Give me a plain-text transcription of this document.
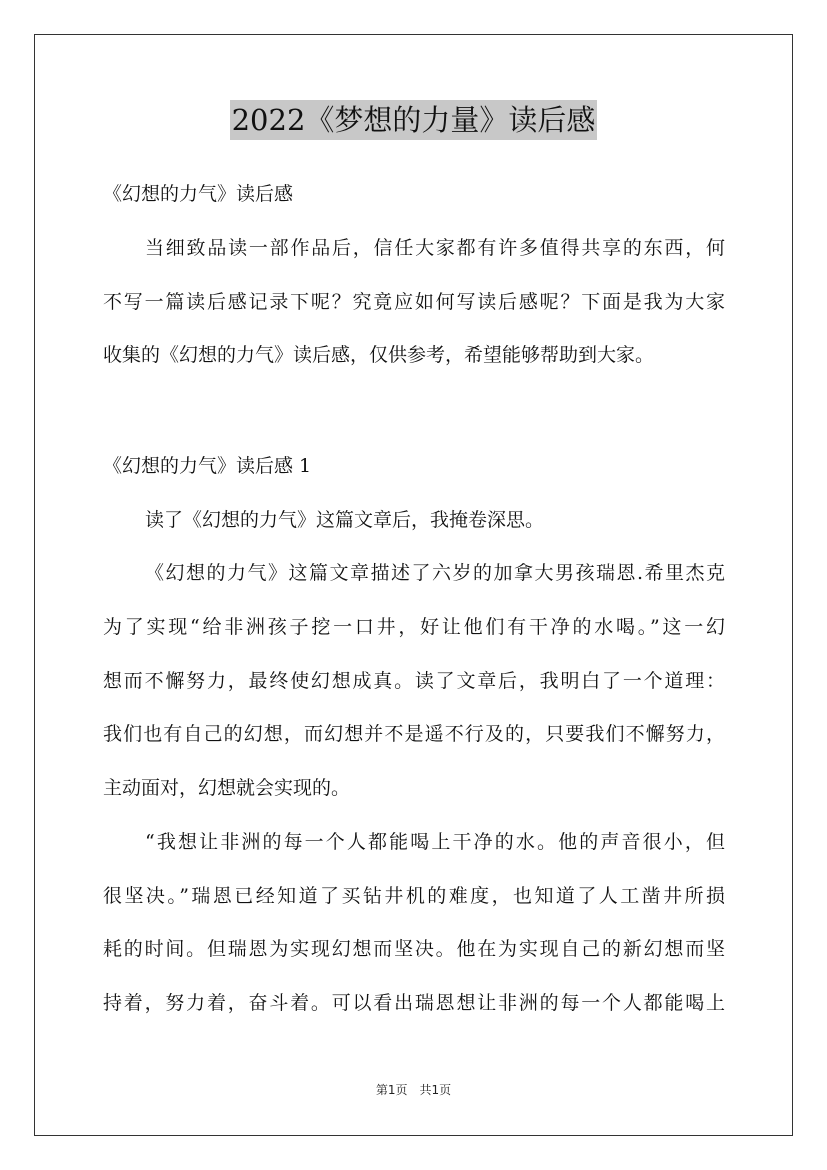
2022《梦想的力量》读后感
《幻想的力气》读后感
当细致品读一部作品后，信任大家都有许多值得共享的东西，何
不写一篇读后感记录下呢？究竟应如何写读后感呢？下面是我为大家
收集的《幻想的力气》读后感，仅供参考，希望能够帮助到大家。
《幻想的力气》读后感 1
读了《幻想的力气》这篇文章后，我掩卷深思。
《幻想的力气》这篇文章描述了六岁的加拿大男孩瑞恩.希里杰克
为了实现“给非洲孩子挖一口井，好让他们有干净的水喝。”这一幻
想而不懈努力，最终使幻想成真。读了文章后，我明白了一个道理：
我们也有自己的幻想，而幻想并不是遥不行及的，只要我们不懈努力，
主动面对，幻想就会实现的。
“我想让非洲的每一个人都能喝上干净的水。他的声音很小，但
很坚决。”瑞恩已经知道了买钻井机的难度，也知道了人工凿井所损
耗的时间。但瑞恩为实现幻想而坚决。他在为实现自己的新幻想而坚
持着，努力着，奋斗着。可以看出瑞恩想让非洲的每一个人都能喝上
第1页　共1页
